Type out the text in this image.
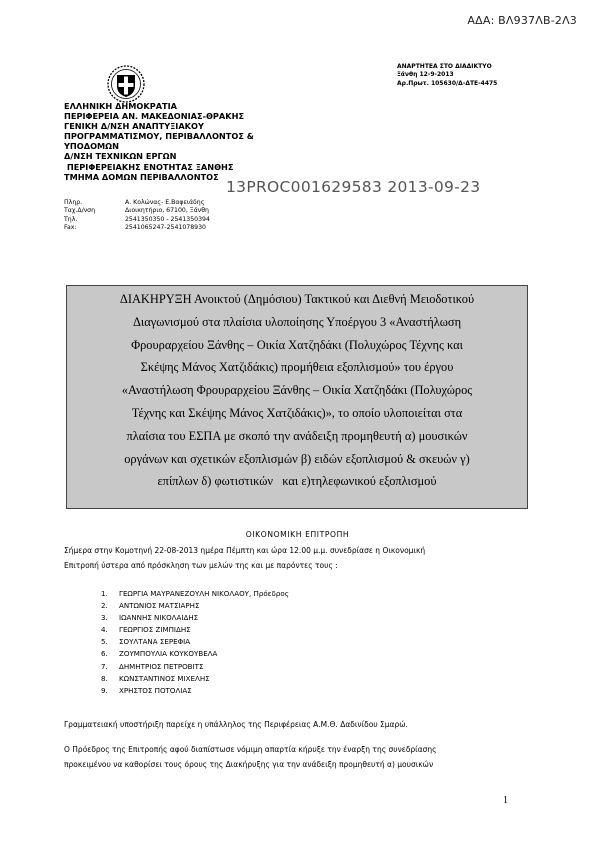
ΑΔΑ: ΒΛ937ΛΒ-2Λ3
ΑΝΑΡΤΗΤΕΑ ΣΤΟ ΔΙΑΔΙΚΤΥΟ
Ξάνθη 12-9-2013
Αρ.Πρωτ. 105630/Δ-ΔΤΕ-4475
ΕΛΛΗΝΙΚΗ ΔΗΜΟΚΡΑΤΙΑ
ΠΕΡΙΦΕΡΕΙΑ ΑΝ. ΜΑΚΕΔΟΝΙΑΣ-ΘΡΑΚΗΣ
ΓΕΝΙΚΗ Δ/ΝΣΗ ΑΝΑΠΤΥΞΙΑΚΟΥ
ΠΡΟΓΡΑΜΜΑΤΙΣΜΟΥ, ΠΕΡΙΒΑΛΛΟΝΤΟΣ &
ΥΠΟΔΟΜΩΝ
Δ/ΝΣΗ ΤΕΧΝΙΚΩΝ ΕΡΓΩΝ
ΠΕΡΙΦΕΡΕΙΑΚΗΣ ΕΝΟΤΗΤΑΣ ΞΑΝΘΗΣ
ΤΜΗΜΑ ΔΟΜΩΝ ΠΕΡΙΒΑΛΛΟΝΤΟΣ
Πληρ.	Α. Κολώνας- Ε.Βαφειάδης
Ταχ.Δ/νση	Διοικητήριο, 67100, Ξάνθη
Τηλ.	2541350350 - 2541350394
Fax:	2541065247-2541078930
13PROC001629583 2013-09-23
ΔΙΑΚΗΡΥΞΗ Ανοικτού (Δημόσιου) Τακτικού και Διεθνή Μειοδοτικού
Διαγωνισμού στα πλαίσια υλοποίησης Υποέργου 3 «Αναστήλωση
Φρουραρχείου Ξάνθης – Οικία Χατζηδάκι (Πολυχώρος Τέχνης και
Σκέψης Μάνος Χατζιδάκις) προμήθεια εξοπλισμού» του έργου
«Αναστήλωση Φρουραρχείου Ξάνθης – Οικία Χατζηδάκι (Πολυχώρος
Τέχνης και Σκέψης Μάνος Χατζιδάκις)», το οποίο υλοποιείται στα
πλαίσια του ΕΣΠΑ με σκοπό την ανάδειξη προμηθευτή α) μουσικών
οργάνων και σχετικών εξοπλισμών β) ειδών εξοπλισμού & σκευών γ)
επίπλων δ) φωτιστικών   και ε)τηλεφωνικού εξοπλισμού
ΟΙΚΟΝΟΜΙΚΗ ΕΠΙΤΡΟΠΗ
Σήμερα στην Κομοτηνή 22-08-2013 ημέρα Πέμπτη και ώρα 12.00 μ.μ. συνεδρίασε η Οικονομική
Επιτροπή ύστερα από πρόσκληση των μελών της και με παρόντες τους :
1.	ΓΕΩΡΓΙΑ ΜΑΥΡΑΝΕΖΟΥΛΗ ΝΙΚΟΛΑΟΥ, Πρόεδρος
2.	ΑΝΤΩΝΙΟΣ ΜΑΤΣΙΑΡΗΣ
3.	ΙΩΑΝΝΗΣ ΝΙΚΟΛΑΙΔΗΣ
4.	ΓΕΩΡΓΙΟΣ ΖΙΜΠΙΔΗΣ
5.	ΣΟΥΛΤΑΝΑ ΣΕΡΕΦΙΑ
6.	ΖΟΥΜΠΟΥΛΙΑ ΚΟΥΚΟΥΒΕΛΑ
7.	ΔΗΜΗΤΡΙΟΣ ΠΕΤΡΟΒΙΤΣ
8.	ΚΩΝΣΤΑΝΤΙΝΟΣ ΜΙΧΕΛΗΣ
9.	ΧΡΗΣΤΟΣ ΠΟΤΟΛΙΑΣ
Γραμματειακή υποστήριξη παρείχε η υπάλληλος της Περιφέρειας Α.Μ.Θ. Δαδινίδου Σμαρώ.
Ο Πρόεδρος της Επιτροπής αφού διαπίστωσε νόμιμη απαρτία κήρυξε την έναρξη της συνεδρίασης
προκειμένου να καθορίσει τους όρους της Διακήρυξης για την ανάδειξη προμηθευτή α) μουσικών
1
